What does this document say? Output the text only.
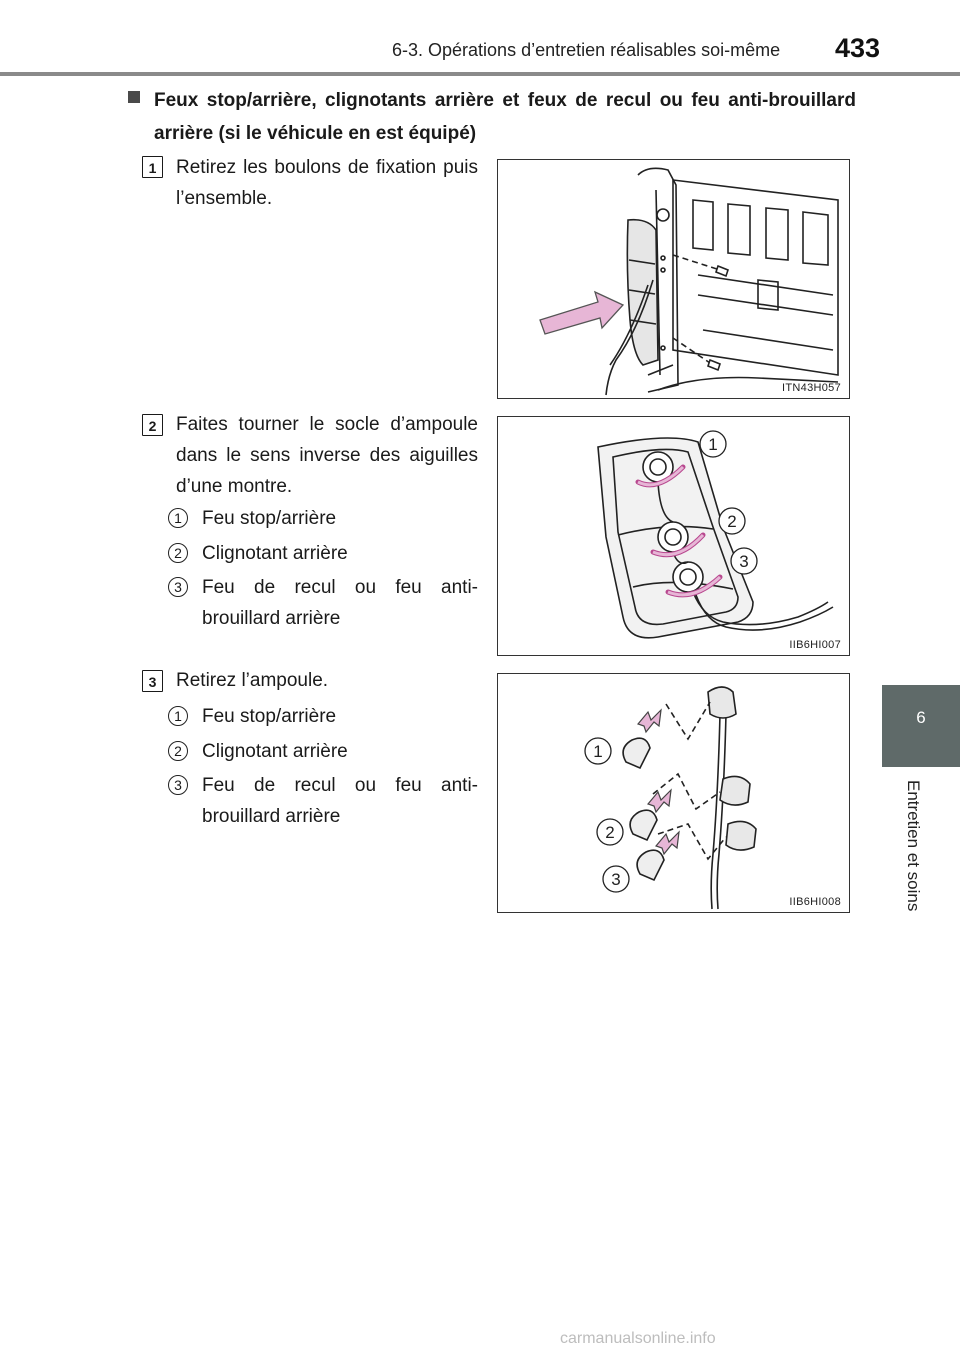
6-3. Opérations d’entretien réalisables soi-même 433
6
Entretien et soins
Feux stop/arrière, clignotants arrière et feux de recul ou feu anti-brouillard arrière (si le véhicule en est équipé)
1	Retirez les boulons de fixation puis l’ensemble.
ITN43H057
2	Faites tourner le socle d’ampoule dans le sens inverse des aiguilles d’une montre.
1	Feu stop/arrière
2	Clignotant arrière
3	Feu de recul ou feu anti-brouillard arrière
1
2
3
IIB6HI007
3	Retirez l’ampoule.
1	Feu stop/arrière
2	Clignotant arrière
3	Feu de recul ou feu anti-brouillard arrière
1
2
3
IIB6HI008
carmanualsonline.info
